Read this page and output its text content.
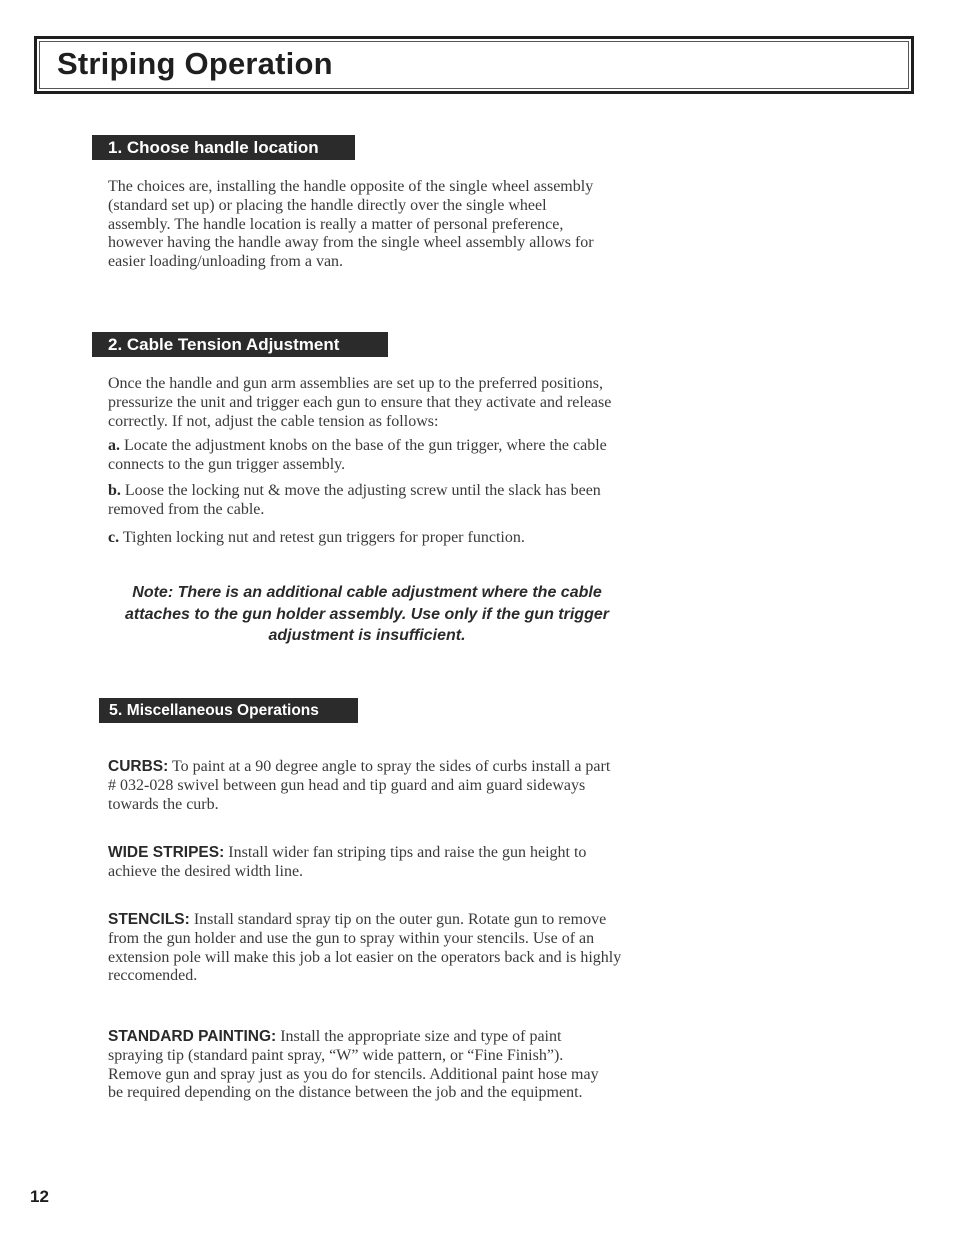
Striping Operation
1. Choose handle location

The choices are, installing the handle opposite of the single wheel assembly (standard set up) or placing the handle directly over the single wheel assembly. The handle location is really a matter of personal preference, however having the handle away from the single wheel assembly allows for easier loading/unloading from a van.

2. Cable Tension Adjustment

Once the handle and gun arm assemblies are set up to the preferred positions, pressurize the unit and trigger each gun to ensure that they activate and release correctly. If not, adjust the cable tension as follows:

a. Locate the adjustment knobs on the base of the gun trigger, where the cable connects to the gun trigger assembly.

b. Loose the locking nut & move the adjusting screw until the slack has been removed from the cable.

c. Tighten locking nut and retest gun triggers for proper function.

Note: There is an additional cable adjustment where the cable attaches to the gun holder assembly. Use only if the gun trigger adjustment is insufficient.

5. Miscellaneous Operations

CURBS: To paint at a 90 degree angle to spray the sides of curbs install a part # 032-028 swivel between gun head and tip guard and aim guard sideways towards the curb.

WIDE STRIPES: Install wider fan striping tips and raise the gun height to achieve the desired width line.

STENCILS: Install standard spray tip on the outer gun. Rotate gun to remove from the gun holder and use the gun to spray within your stencils. Use of an extension pole will make this job a lot easier on the operators back and is highly reccomended.

STANDARD PAINTING: Install the appropriate size and type of paint spraying tip (standard paint spray, “W” wide pattern, or “Fine Finish”). Remove gun and spray just as you do for stencils. Additional paint hose may be required depending on the distance between the job and the equipment.

12
